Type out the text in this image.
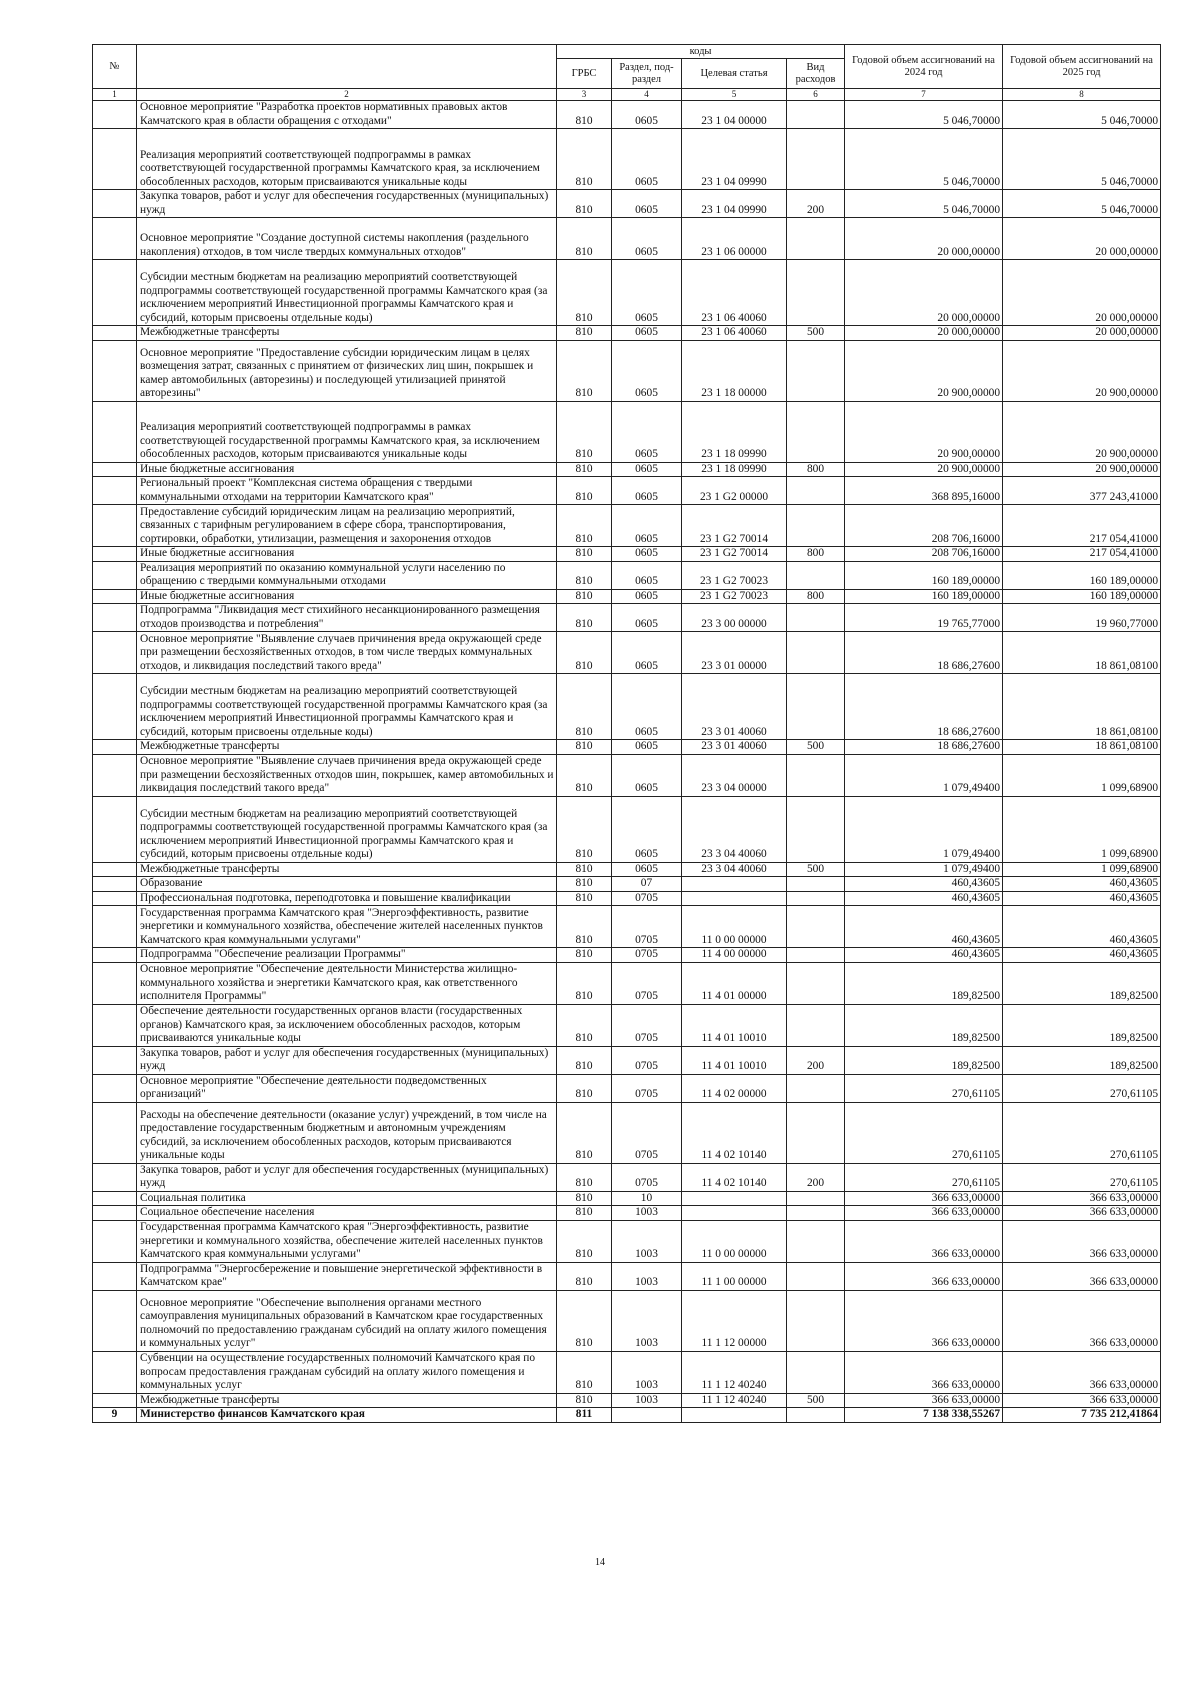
№		коды				Годовой объем ассигнований на 2024 год	Годовой объем ассигнований на 2025 год
		ГРБС	Раздел, под-раздел	Целевая статья	Вид расходов		
1	2	3	4	5	6	7	8
	Основное мероприятие "Разработка проектов нормативных правовых актов Камчатского края в области обращения с отходами"	810	0605	23 1 04 00000		5 046,70000	5 046,70000
	Реализация мероприятий соответствующей подпрограммы в рамках соответствующей государственной программы Камчатского края, за исключением обособленных расходов, которым присваиваются уникальные коды	810	0605	23 1 04 09990		5 046,70000	5 046,70000
	Закупка товаров, работ и услуг для обеспечения государственных (муниципальных) нужд	810	0605	23 1 04 09990	200	5 046,70000	5 046,70000
	Основное мероприятие "Создание доступной системы накопления (раздельного накопления) отходов, в том числе твердых коммунальных отходов"	810	0605	23 1 06 00000		20 000,00000	20 000,00000
	Субсидии местным бюджетам на реализацию мероприятий соответствующей подпрограммы соответствующей государственной программы Камчатского края (за исключением мероприятий Инвестиционной программы Камчатского края и субсидий, которым присвоены отдельные коды)	810	0605	23 1 06 40060		20 000,00000	20 000,00000
	Межбюджетные трансферты	810	0605	23 1 06 40060	500	20 000,00000	20 000,00000
	Основное мероприятие "Предоставление субсидии юридическим лицам в целях возмещения затрат, связанных с принятием от физических лиц шин, покрышек и камер автомобильных (авторезины) и последующей утилизацией принятой авторезины"	810	0605	23 1 18 00000		20 900,00000	20 900,00000
	Реализация мероприятий соответствующей подпрограммы в рамках соответствующей государственной программы Камчатского края, за исключением обособленных расходов, которым присваиваются уникальные коды	810	0605	23 1 18 09990		20 900,00000	20 900,00000
	Иные бюджетные ассигнования	810	0605	23 1 18 09990	800	20 900,00000	20 900,00000
	Региональный проект "Комплексная система обращения с твердыми коммунальными отходами на территории Камчатского края"	810	0605	23 1 G2 00000		368 895,16000	377 243,41000
	Предоставление субсидий юридическим лицам на реализацию мероприятий, связанных с тарифным регулированием в сфере сбора, транспортирования, сортировки, обработки, утилизации, размещения и захоронения отходов	810	0605	23 1 G2 70014		208 706,16000	217 054,41000
	Иные бюджетные ассигнования	810	0605	23 1 G2 70014	800	208 706,16000	217 054,41000
	Реализация мероприятий по оказанию коммунальной услуги населению по обращению с твердыми коммунальными отходами	810	0605	23 1 G2 70023		160 189,00000	160 189,00000
	Иные бюджетные ассигнования	810	0605	23 1 G2 70023	800	160 189,00000	160 189,00000
	Подпрограмма "Ликвидация мест стихийного несанкционированного размещения отходов производства и потребления"	810	0605	23 3 00 00000		19 765,77000	19 960,77000
	Основное мероприятие "Выявление случаев причинения вреда окружающей среде при размещении бесхозяйственных отходов, в том числе твердых коммунальных отходов, и ликвидация последствий такого вреда"	810	0605	23 3 01 00000		18 686,27600	18 861,08100
	Субсидии местным бюджетам на реализацию мероприятий соответствующей подпрограммы соответствующей государственной программы Камчатского края (за исключением мероприятий Инвестиционной программы Камчатского края и субсидий, которым присвоены отдельные коды)	810	0605	23 3 01 40060		18 686,27600	18 861,08100
	Межбюджетные трансферты	810	0605	23 3 01 40060	500	18 686,27600	18 861,08100
	Основное мероприятие "Выявление случаев причинения вреда окружающей среде при размещении бесхозяйственных отходов шин, покрышек, камер автомобильных и ликвидация последствий такого вреда"	810	0605	23 3 04 00000		1 079,49400	1 099,68900
	Субсидии местным бюджетам на реализацию мероприятий соответствующей подпрограммы соответствующей государственной программы Камчатского края (за исключением мероприятий Инвестиционной программы Камчатского края и субсидий, которым присвоены отдельные коды)	810	0605	23 3 04 40060		1 079,49400	1 099,68900
	Межбюджетные трансферты	810	0605	23 3 04 40060	500	1 079,49400	1 099,68900
	Образование	810	07			460,43605	460,43605
	Профессиональная подготовка, переподготовка и повышение квалификации	810	0705			460,43605	460,43605
	Государственная программа Камчатского края "Энергоэффективность, развитие энергетики и коммунального хозяйства, обеспечение жителей населенных пунктов Камчатского края коммунальными услугами"	810	0705	11 0 00 00000		460,43605	460,43605
	Подпрограмма "Обеспечение реализации Программы"	810	0705	11 4 00 00000		460,43605	460,43605
	Основное мероприятие "Обеспечение деятельности Министерства жилищно-коммунального хозяйства и энергетики Камчатского края, как ответственного исполнителя Программы"	810	0705	11 4 01 00000		189,82500	189,82500
	Обеспечение деятельности государственных органов власти (государственных органов) Камчатского края, за исключением обособленных расходов, которым присваиваются уникальные коды	810	0705	11 4 01 10010		189,82500	189,82500
	Закупка товаров, работ и услуг для обеспечения государственных (муниципальных) нужд	810	0705	11 4 01 10010	200	189,82500	189,82500
	Основное мероприятие "Обеспечение деятельности подведомственных организаций"	810	0705	11 4 02 00000		270,61105	270,61105
	Расходы на обеспечение деятельности (оказание услуг) учреждений, в том числе на предоставление государственным бюджетным и автономным учреждениям субсидий, за исключением обособленных расходов, которым присваиваются уникальные коды	810	0705	11 4 02 10140		270,61105	270,61105
	Закупка товаров, работ и услуг для обеспечения государственных (муниципальных) нужд	810	0705	11 4 02 10140	200	270,61105	270,61105
	Социальная политика	810	10			366 633,00000	366 633,00000
	Социальное обеспечение населения	810	1003			366 633,00000	366 633,00000
	Государственная программа Камчатского края "Энергоэффективность, развитие энергетики и коммунального хозяйства, обеспечение жителей населенных пунктов Камчатского края коммунальными услугами"	810	1003	11 0 00 00000		366 633,00000	366 633,00000
	Подпрограмма "Энергосбережение и повышение энергетической эффективности в Камчатском крае"	810	1003	11 1 00 00000		366 633,00000	366 633,00000
	Основное мероприятие "Обеспечение выполнения органами местного самоуправления муниципальных образований в Камчатском крае государственных полномочий по предоставлению гражданам субсидий на оплату жилого помещения и коммунальных услуг"	810	1003	11 1 12 00000		366 633,00000	366 633,00000
	Субвенции на осуществление государственных полномочий Камчатского края по вопросам предоставления гражданам субсидий на оплату жилого помещения и коммунальных услуг	810	1003	11 1 12 40240		366 633,00000	366 633,00000
	Межбюджетные трансферты	810	1003	11 1 12 40240	500	366 633,00000	366 633,00000
9	Министерство финансов Камчатского края	811				7 138 338,55267	7 735 212,41864
14
